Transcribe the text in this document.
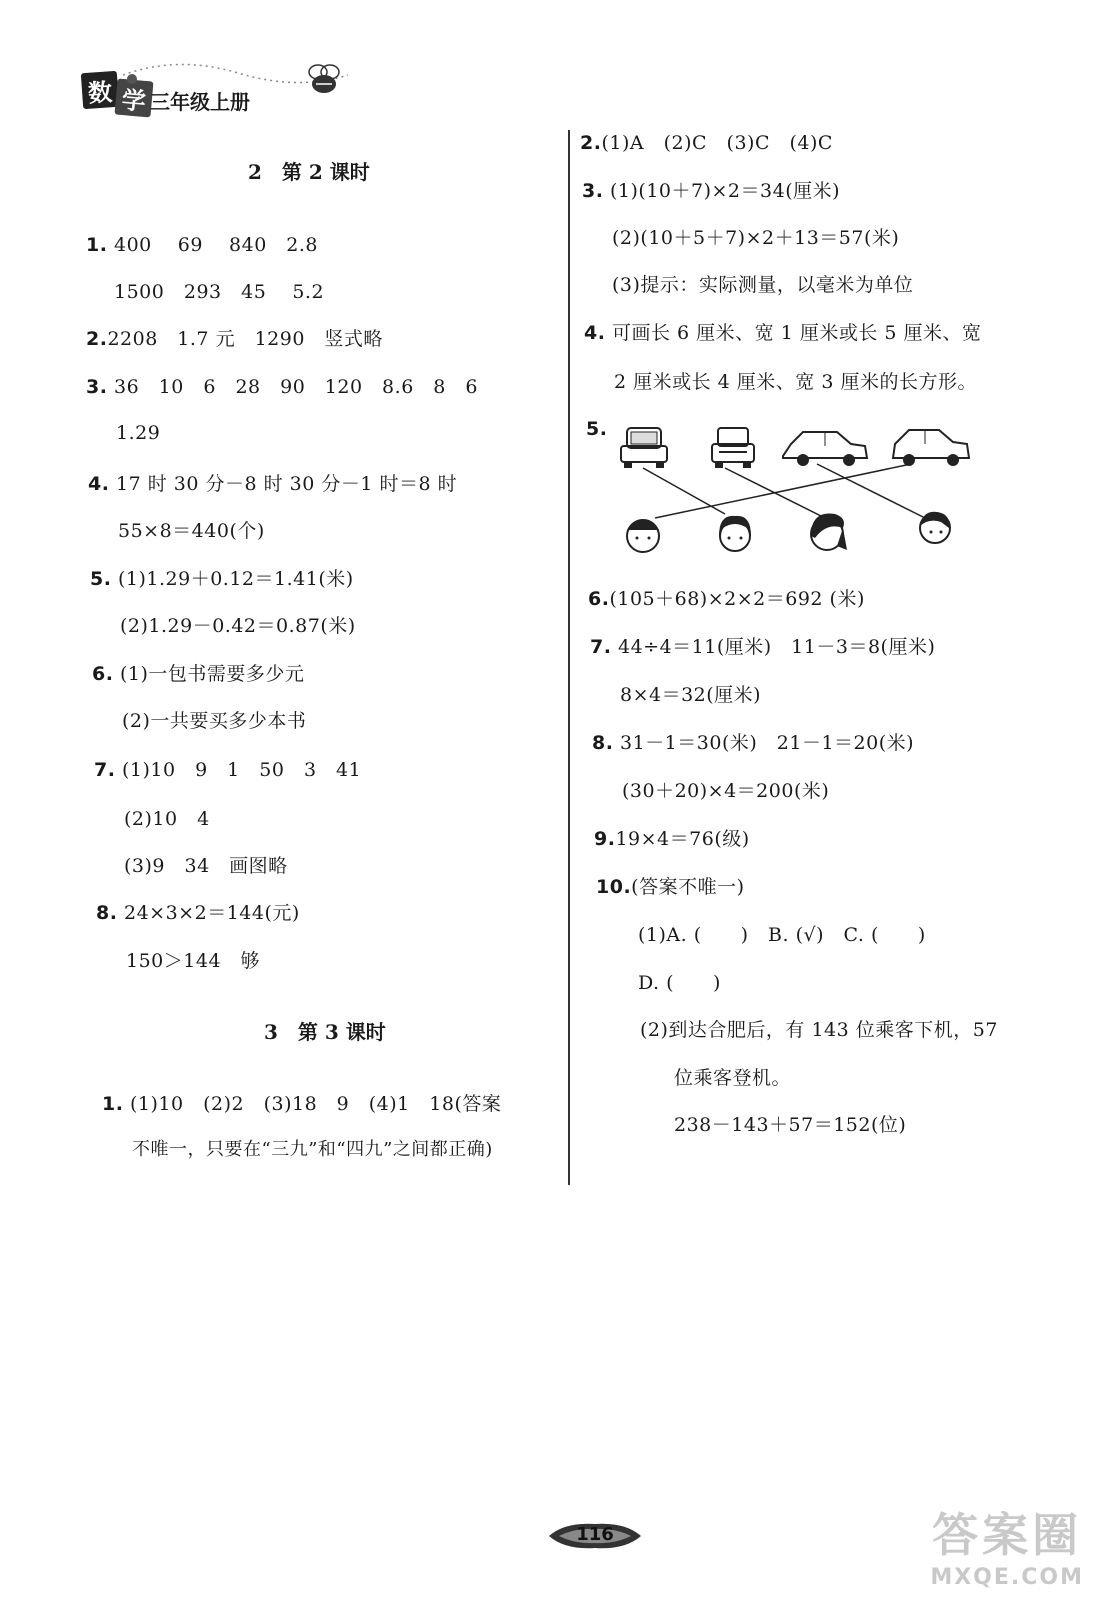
数 学 三年级上册
2　第 2 课时
1. 400　 69　 840　2.8
1500　293　45　 5.2
2.2208　1.7 元　1290　竖式略
3. 36　10　6　28　90　120　8.6　8　6
1.29
4. 17 时 30 分－8 时 30 分－1 时＝8 时
55×8＝440(个)
5. (1)1.29＋0.12＝1.41(米)
(2)1.29－0.42＝0.87(米)
6. (1)一包书需要多少元
(2)一共要买多少本书
7. (1)10　9　1　50　3　41
(2)10　4
(3)9　34　画图略
8. 24×3×2＝144(元)
150＞144　够
3　第 3 课时
1. (1)10　(2)2　(3)18　9　(4)1　18(答案
不唯一，只要在“三九”和“四九”之间都正确)
2.(1)A　(2)C　(3)C　(4)C
3. (1)(10＋7)×2＝34(厘米)
(2)(10＋5＋7)×2＋13＝57(米)
(3)提示：实际测量，以毫米为单位
4. 可画长 6 厘米、宽 1 厘米或长 5 厘米、宽
2 厘米或长 4 厘米、宽 3 厘米的长方形。
5.
6.(105＋68)×2×2＝692 (米)
7. 44÷4＝11(厘米)　11－3＝8(厘米)
8×4＝32(厘米)
8. 31－1＝30(米)　21－1＝20(米)
(30＋20)×4＝200(米)
9.19×4＝76(级)
10.(答案不唯一)
(1)A. (　　)　B. (√)　C. (　　)
D. (　　)
(2)到达合肥后，有 143 位乘客下机，57
位乘客登机。
238－143＋57＝152(位)
116	答案圈
MXQE.COM
